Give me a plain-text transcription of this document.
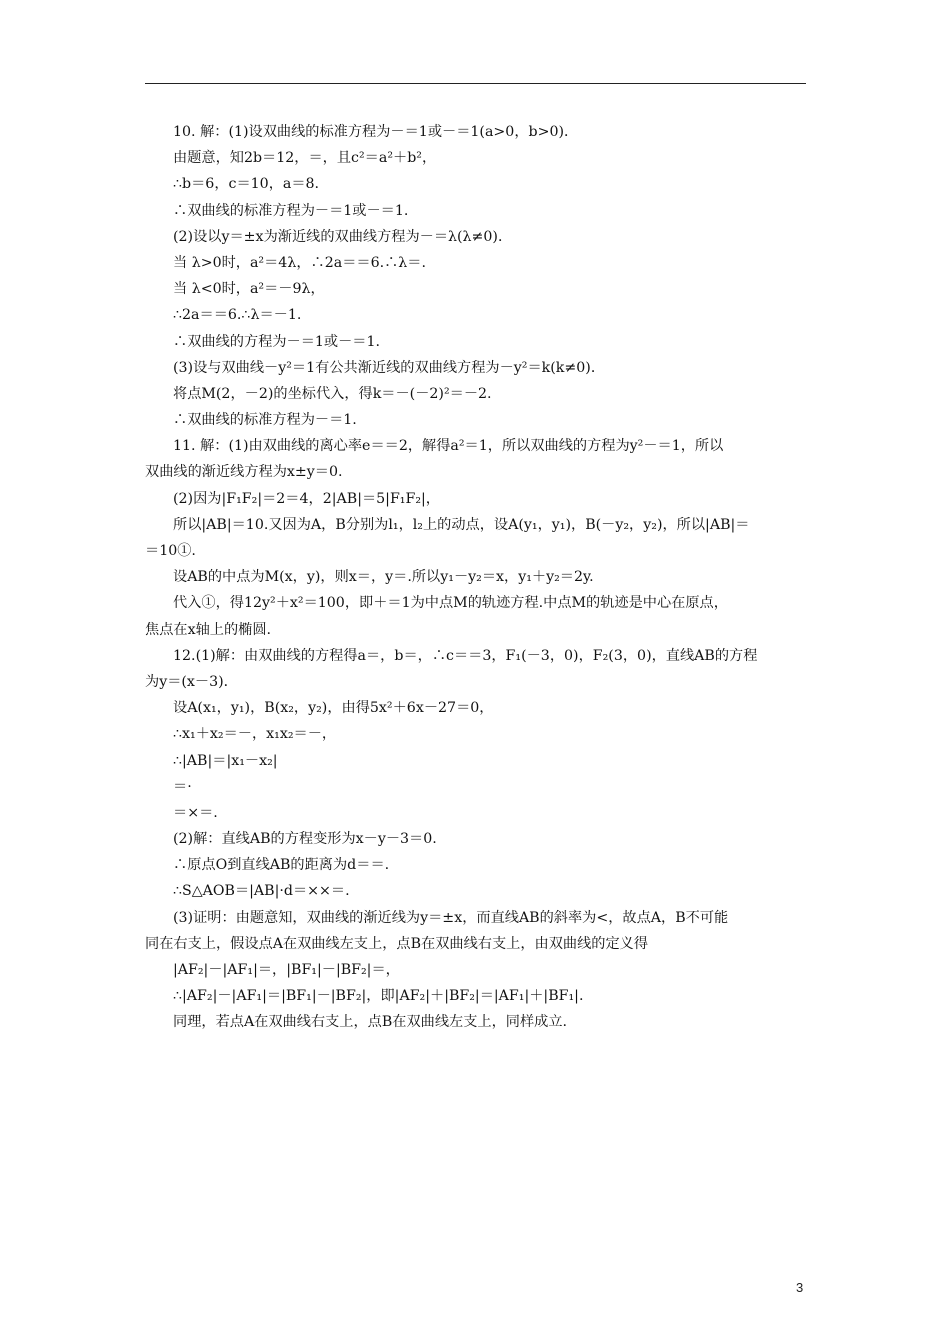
10. 解：(1)设双曲线的标准方程为－＝1或－＝1(a>0，b>0)．
由题意，知2b＝12，＝，且c²＝a²＋b²，
∴b＝6，c＝10，a＝8.
∴双曲线的标准方程为－＝1或－＝1.
(2)设以y＝±x为渐近线的双曲线方程为－＝λ(λ≠0)．
当 λ>0时，a²＝4λ，∴2a＝＝6.∴λ＝.
当 λ<0时，a²＝－9λ，
∴2a＝＝6.∴λ＝－1.
∴双曲线的方程为－＝1或－＝1.
(3)设与双曲线－y²＝1有公共渐近线的双曲线方程为－y²＝k(k≠0)．
将点M(2，－2)的坐标代入，得k＝－(－2)²＝－2.
∴双曲线的标准方程为－＝1.
11. 解：(1)由双曲线的离心率e＝＝2，解得a²＝1，所以双曲线的方程为y²－＝1，所以
双曲线的渐近线方程为x±y＝0.
(2)因为|F₁F₂|＝2＝4，2|AB|＝5|F₁F₂|，
所以|AB|＝10.又因为A，B分别为l₁，l₂上的动点，设A(y₁，y₁)，B(－y₂，y₂)，所以|AB|＝
＝10①.
设AB的中点为M(x，y)，则x＝，y＝.所以y₁－y₂＝x，y₁＋y₂＝2y.
代入①，得12y²＋x²＝100，即＋＝1为中点M的轨迹方程.中点M的轨迹是中心在原点，
焦点在x轴上的椭圆.
12.(1)解：由双曲线的方程得a＝，b＝，∴c＝＝3，F₁(－3，0)，F₂(3，0)，直线AB的方程
为y＝(x－3)．
设A(x₁，y₁)，B(x₂，y₂)，由得5x²＋6x－27＝0，
∴x₁＋x₂＝－，x₁x₂＝－，
∴|AB|＝|x₁－x₂|
＝·
＝×＝.
(2)解：直线AB的方程变形为x－y－3＝0.
∴原点O到直线AB的距离为d＝＝.
∴S△AOB＝|AB|·d＝××＝.
(3)证明：由题意知，双曲线的渐近线为y＝±x，而直线AB的斜率为<，故点A，B不可能
同在右支上，假设点A在双曲线左支上，点B在双曲线右支上，由双曲线的定义得
|AF₂|－|AF₁|＝，|BF₁|－|BF₂|＝，
∴|AF₂|－|AF₁|＝|BF₁|－|BF₂|，即|AF₂|＋|BF₂|＝|AF₁|＋|BF₁|.
同理，若点A在双曲线右支上，点B在双曲线左支上，同样成立.
3
